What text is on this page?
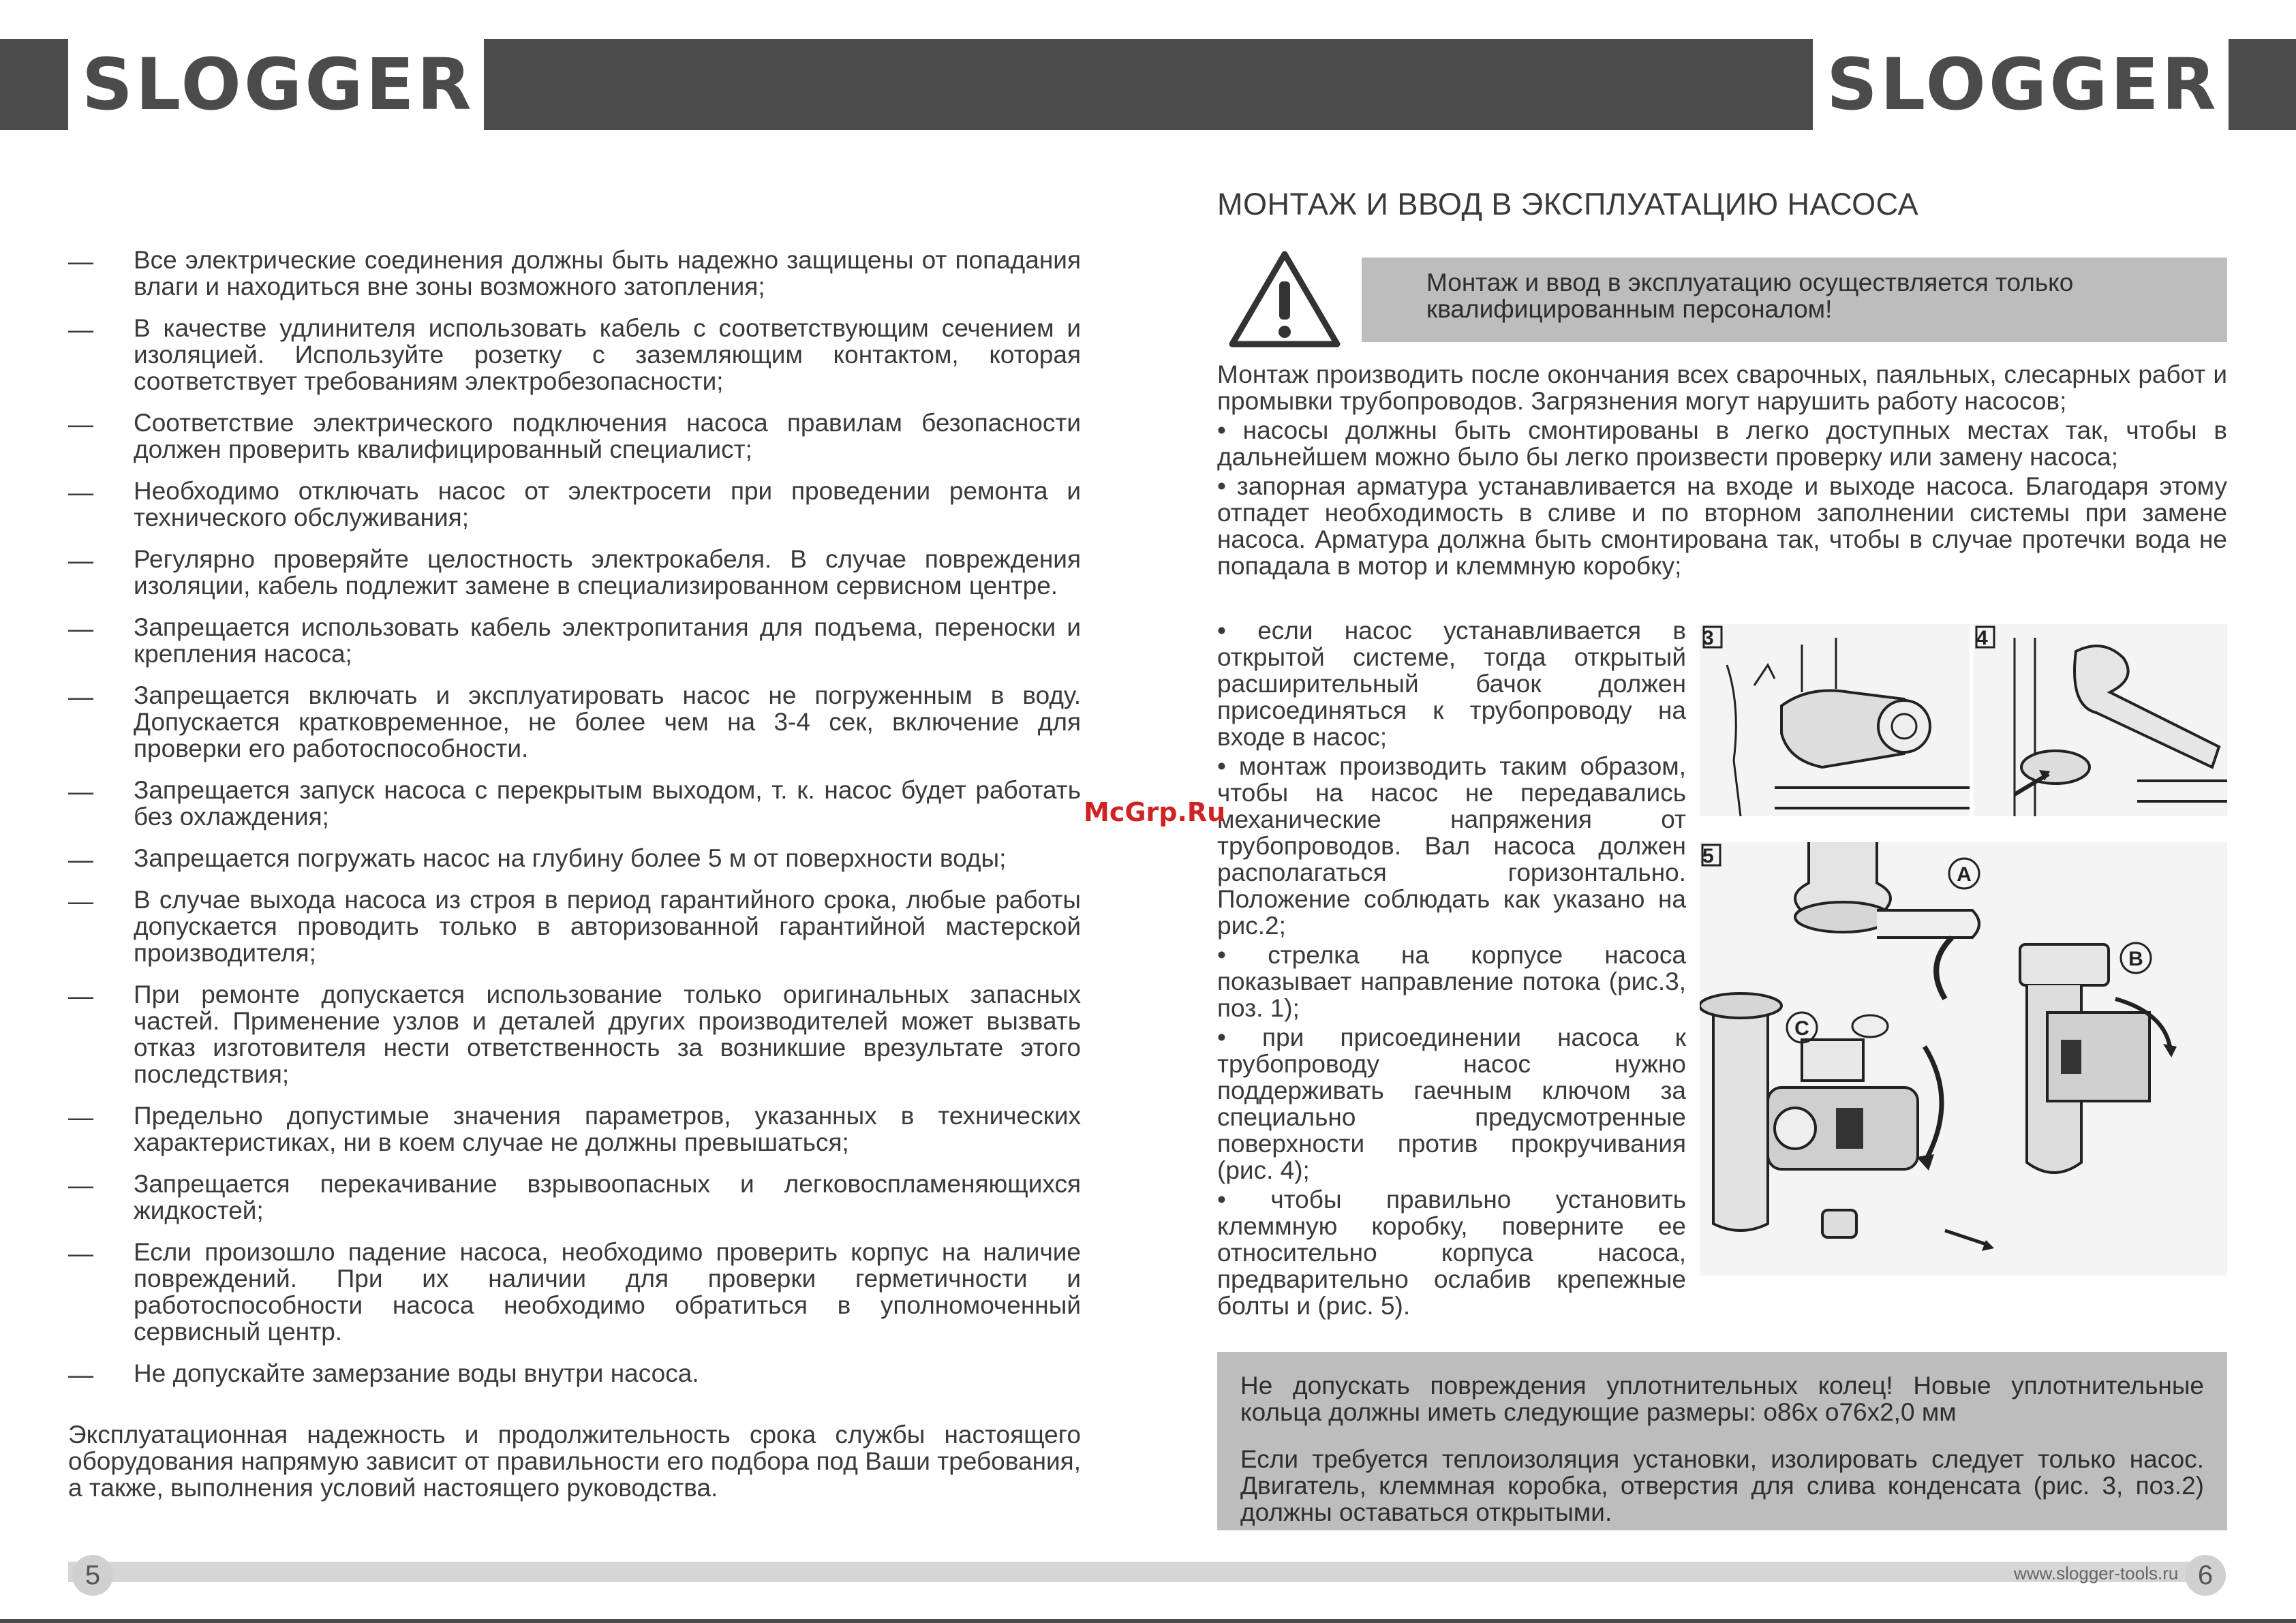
SLOGGER	SLOGGER
— Все электрические соединения должны быть надежно защищены от попадания влаги и находиться вне зоны возможного затопления;
— В качестве удлинителя использовать кабель с соответствующим сечением и изоляцией. Используйте розетку с заземляющим контактом, которая соответствует требованиям электробезопасности;
— Соответствие электрического подключения насоса правилам безопасности должен проверить квалифицированный специалист;
— Необходимо отключать насос от электросети при проведении ремонта и технического обслуживания;
— Регулярно проверяйте целостность электрокабеля. В случае повреждения изоляции, кабель подлежит замене в специализированном сервисном центре.
— Запрещается использовать кабель электропитания для подъема, переноски и крепления насоса;
— Запрещается включать и эксплуатировать насос не погруженным в воду. Допускается кратковременное, не более чем на 3-4 сек, включение для проверки его работоспособности.
— Запрещается запуск насоса с перекрытым выходом, т. к. насос будет работать без охлаждения;
— Запрещается погружать насос на глубину более 5 м от поверхности воды;
— В случае выхода насоса из строя в период гарантийного срока, любые работы допускается проводить только в авторизованной гарантийной мастерской производителя;
— При ремонте допускается использование только оригинальных запасных частей. Применение узлов и деталей других производителей может вызвать отказ изготовителя нести ответственность за возникшие врезультате этого последствия;
— Предельно допустимые значения параметров, указанных в технических характеристиках, ни в коем случае не должны превышаться;
— Запрещается перекачивание взрывоопасных и легковоспламеняющихся жидкостей;
— Если произошло падение насоса, необходимо проверить корпус на наличие повреждений. При их наличии для проверки герметичности и работоспособности насоса необходимо обратиться в уполномоченный сервисный центр.
— Не допускайте замерзание воды внутри насоса.
Эксплуатационная надежность и продолжительность срока службы настоящего оборудования напрямую зависит от правильности его подбора под Ваши требования, а также, выполнения условий настоящего руководства.
МОНТАЖ И ВВОД В ЭКСПЛУАТАЦИЮ НАСОСА
Монтаж и ввод в эксплуатацию осуществляется только квалифицированным персоналом!

Монтаж производить после окончания всех сварочных, паяльных, слесарных работ и промывки трубопроводов. Загрязнения могут нарушить работу насосов;

• насосы должны быть смонтированы в легко доступных местах так, чтобы в дальнейшем можно было бы легко произвести проверку или замену насоса;

• запорная арматура устанавливается на входе и выходе насоса. Благодаря этому отпадет необходимость в сливе и по вторном заполнении системы при замене насоса. Арматура должна быть смонтирована так, чтобы в случае протечки вода не попадала в мотор и клеммную коробку;

• если насос устанавливается в открытой системе, тогда открытый расширительный бачок должен присоединяться к трубопроводу на входе в насос;

• монтаж производить таким образом, чтобы на насос не передавались механические напряжения от трубопроводов. Вал насоса должен располагаться горизонтально. Положение соблюдать как указано на рис.2;

• стрелка на корпусе насоса показывает направление потока (рис.3, поз. 1);

• при присоединении насоса к трубопроводу насос нужно поддерживать гаечным ключом за специально предусмотренные поверхности против прокручивания (рис. 4);

• чтобы правильно установить клеммную коробку, поверните ее относительно корпуса насоса, предварительно ослабив крепежные болты и (рис. 5).

3	4
A
B
C
5
McGrp.Ru

Не допускать повреждения уплотнительных колец! Новые уплотнительные кольца должны иметь следующие размеры: о86х о76х2,0 мм

Если требуется теплоизоляция установки, изолировать следует только насос. Двигатель, клеммная коробка, отверстия для слива конденсата (рис. 3, поз.2) должны оставаться открытыми.

5	www.slogger-tools.ru 6
